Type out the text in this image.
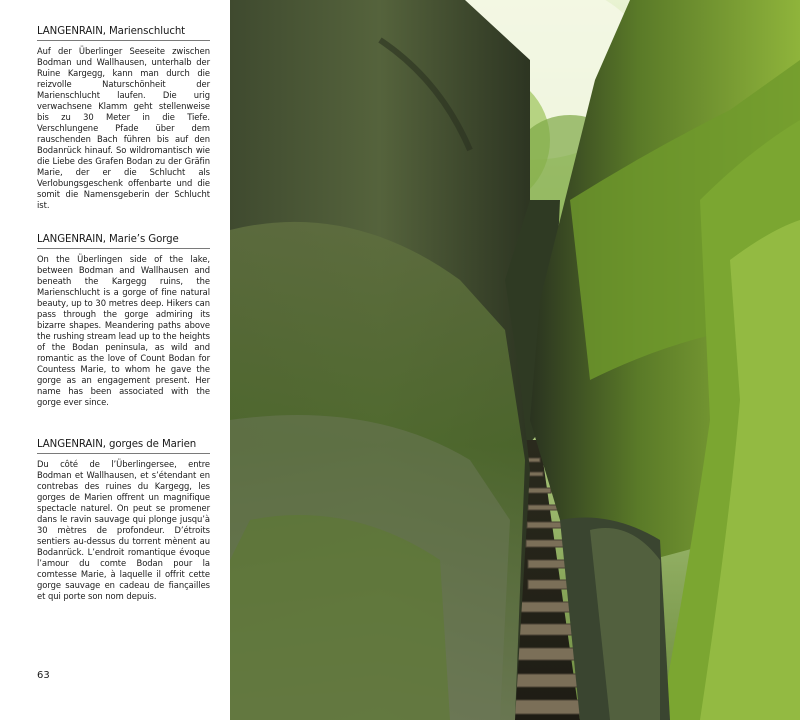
LANGENRAIN, Marienschlucht

Auf der Überlinger Seeseite zwischen Bodman und Wallhausen, unterhalb der Ruine Kargegg, kann man durch die reizvolle Naturschönheit der Marienschlucht laufen. Die urig verwachsene Klamm geht stellenweise bis zu 30 Meter in die Tiefe. Verschlungene Pfade über dem rauschenden Bach führen bis auf den Bodanrück hinauf. So wildromantisch wie die Liebe des Grafen Bodan zu der Gräfin Marie, der er die Schlucht als Verlobungsgeschenk offenbarte und die somit die Namensgeberin der Schlucht ist.

LANGENRAIN, Marie’s Gorge

On the Überlingen side of the lake, between Bodman and Wallhausen and beneath the Kargegg ruins, the Marienschlucht is a gorge of fine natural beauty, up to 30 metres deep. Hikers can pass through the gorge admiring its bizarre shapes. Meandering paths above the rushing stream lead up to the heights of the Bodan peninsula, as wild and romantic as the love of Count Bodan for Countess Marie, to whom he gave the gorge as an engagement present. Her name has been associated with the gorge ever since.

LANGENRAIN, gorges de Marien

Du côté de l’Überlingersee, entre Bodman et Wallhausen, et s’étendant en contrebas des ruines du Kargegg, les gorges de Marien offrent un magnifique spectacle naturel. On peut se promener dans le ravin sauvage qui plonge jusqu’à 30 mètres de profondeur. D’étroits sentiers au-dessus du torrent mènent au Bodanrück. L’endroit romantique évoque l’amour du comte Bodan pour la comtesse Marie, à laquelle il offrit cette gorge sauvage en cadeau de fiançailles et qui porte son nom depuis.

63
